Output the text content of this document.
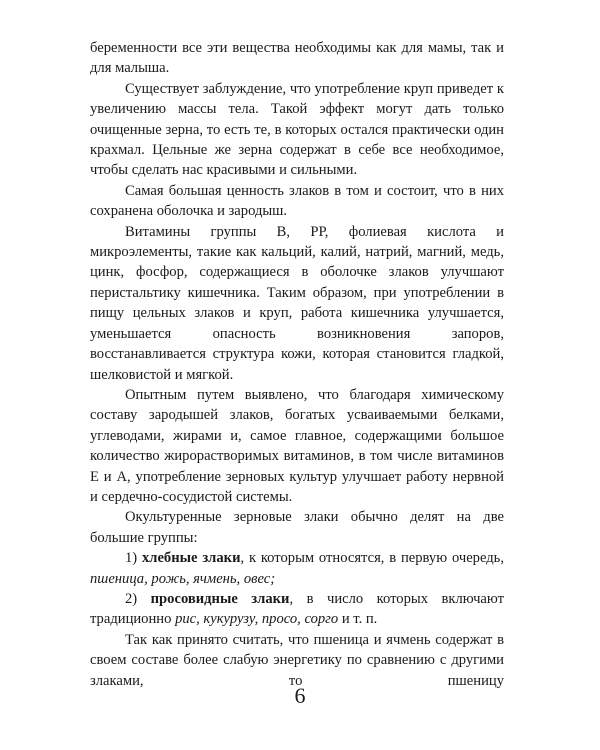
беременности все эти вещества необходимы как для мамы, так и для малыша.

Существует заблуждение, что употребление круп приведет к увеличению массы тела. Такой эффект могут дать только очищенные зерна, то есть те, в которых остался практически один крахмал. Цельные же зерна содержат в себе все необходимое, чтобы сделать нас красивыми и сильными.

Самая большая ценность злаков в том и состоит, что в них сохранена оболочка и зародыш.

Витамины группы В, РР, фолиевая кислота и микроэлементы, такие как кальций, калий, натрий, магний, медь, цинк, фосфор, содержащиеся в оболочке злаков улучшают перистальтику кишечника. Таким образом, при употреблении в пищу цельных злаков и круп, работа кишечника улучшается, уменьшается опасность возникновения запоров, восстанавливается структура кожи, которая становится гладкой, шелковистой и мягкой.

Опытным путем выявлено, что благодаря химическому составу зародышей злаков, богатых усваиваемыми белками, углеводами, жирами и, самое главное, содержащими большое количество жирорастворимых витаминов, в том числе витаминов Е и А, употребление зерновых культур улучшает работу нервной и сердечно-сосудистой системы.

Окультуренные зерновые злаки обычно делят на две большие группы:

1) хлебные злаки, к которым относятся, в первую очередь, пшеница, рожь, ячмень, овес;

2) просовидные злаки, в число которых включают традиционно рис, кукурузу, просо, сорго и т. п.

Так как принято считать, что пшеница и ячмень содержат в своем составе более слабую энергетику по сравнению с другими злаками, то пшеницу

6
